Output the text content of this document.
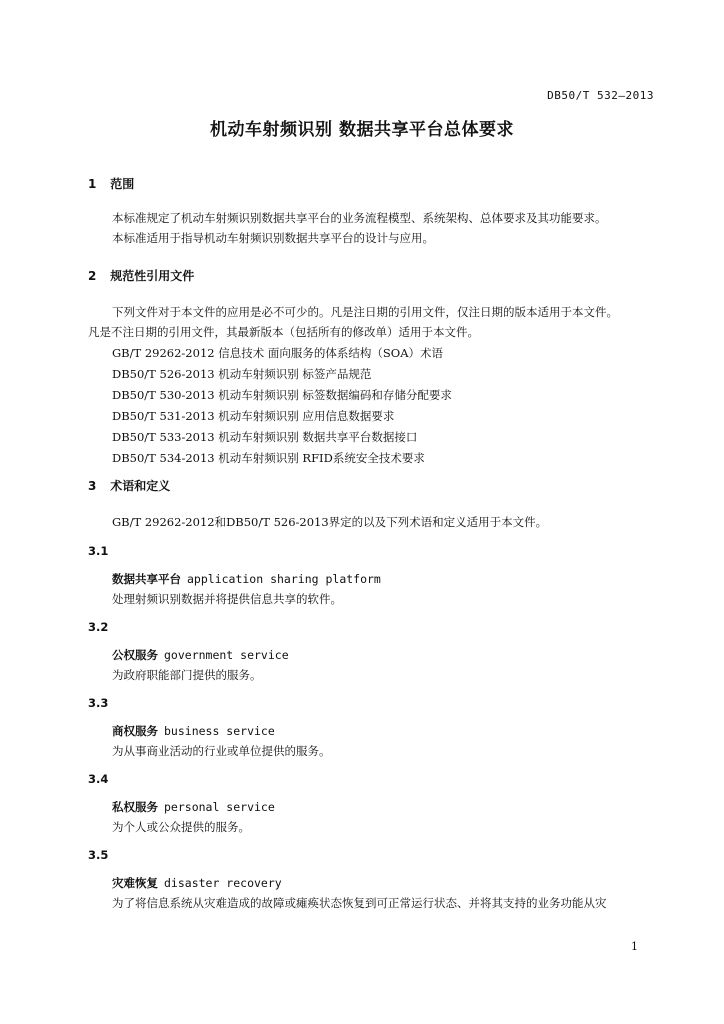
DB50/T 532—2013
机动车射频识别 数据共享平台总体要求
1 范围
本标准规定了机动车射频识别数据共享平台的业务流程模型、系统架构、总体要求及其功能要求。
本标准适用于指导机动车射频识别数据共享平台的设计与应用。
2 规范性引用文件
下列文件对于本文件的应用是必不可少的。凡是注日期的引用文件，仅注日期的版本适用于本文件。
凡是不注日期的引用文件，其最新版本（包括所有的修改单）适用于本文件。
GB/T 29262-2012 信息技术 面向服务的体系结构（SOA）术语
DB50/T 526-2013 机动车射频识别 标签产品规范
DB50/T 530-2013 机动车射频识别 标签数据编码和存储分配要求
DB50/T 531-2013 机动车射频识别 应用信息数据要求
DB50/T 533-2013 机动车射频识别 数据共享平台数据接口
DB50/T 534-2013 机动车射频识别 RFID系统安全技术要求
3 术语和定义
GB/T 29262-2012和DB50/T 526-2013界定的以及下列术语和定义适用于本文件。
3.1
数据共享平台 application sharing platform
处理射频识别数据并将提供信息共享的软件。
3.2
公权服务 government service
为政府职能部门提供的服务。
3.3
商权服务 business service
为从事商业活动的行业或单位提供的服务。
3.4
私权服务 personal service
为个人或公众提供的服务。
3.5
灾难恢复 disaster recovery
为了将信息系统从灾难造成的故障或瘫痪状态恢复到可正常运行状态、并将其支持的业务功能从灾
1
